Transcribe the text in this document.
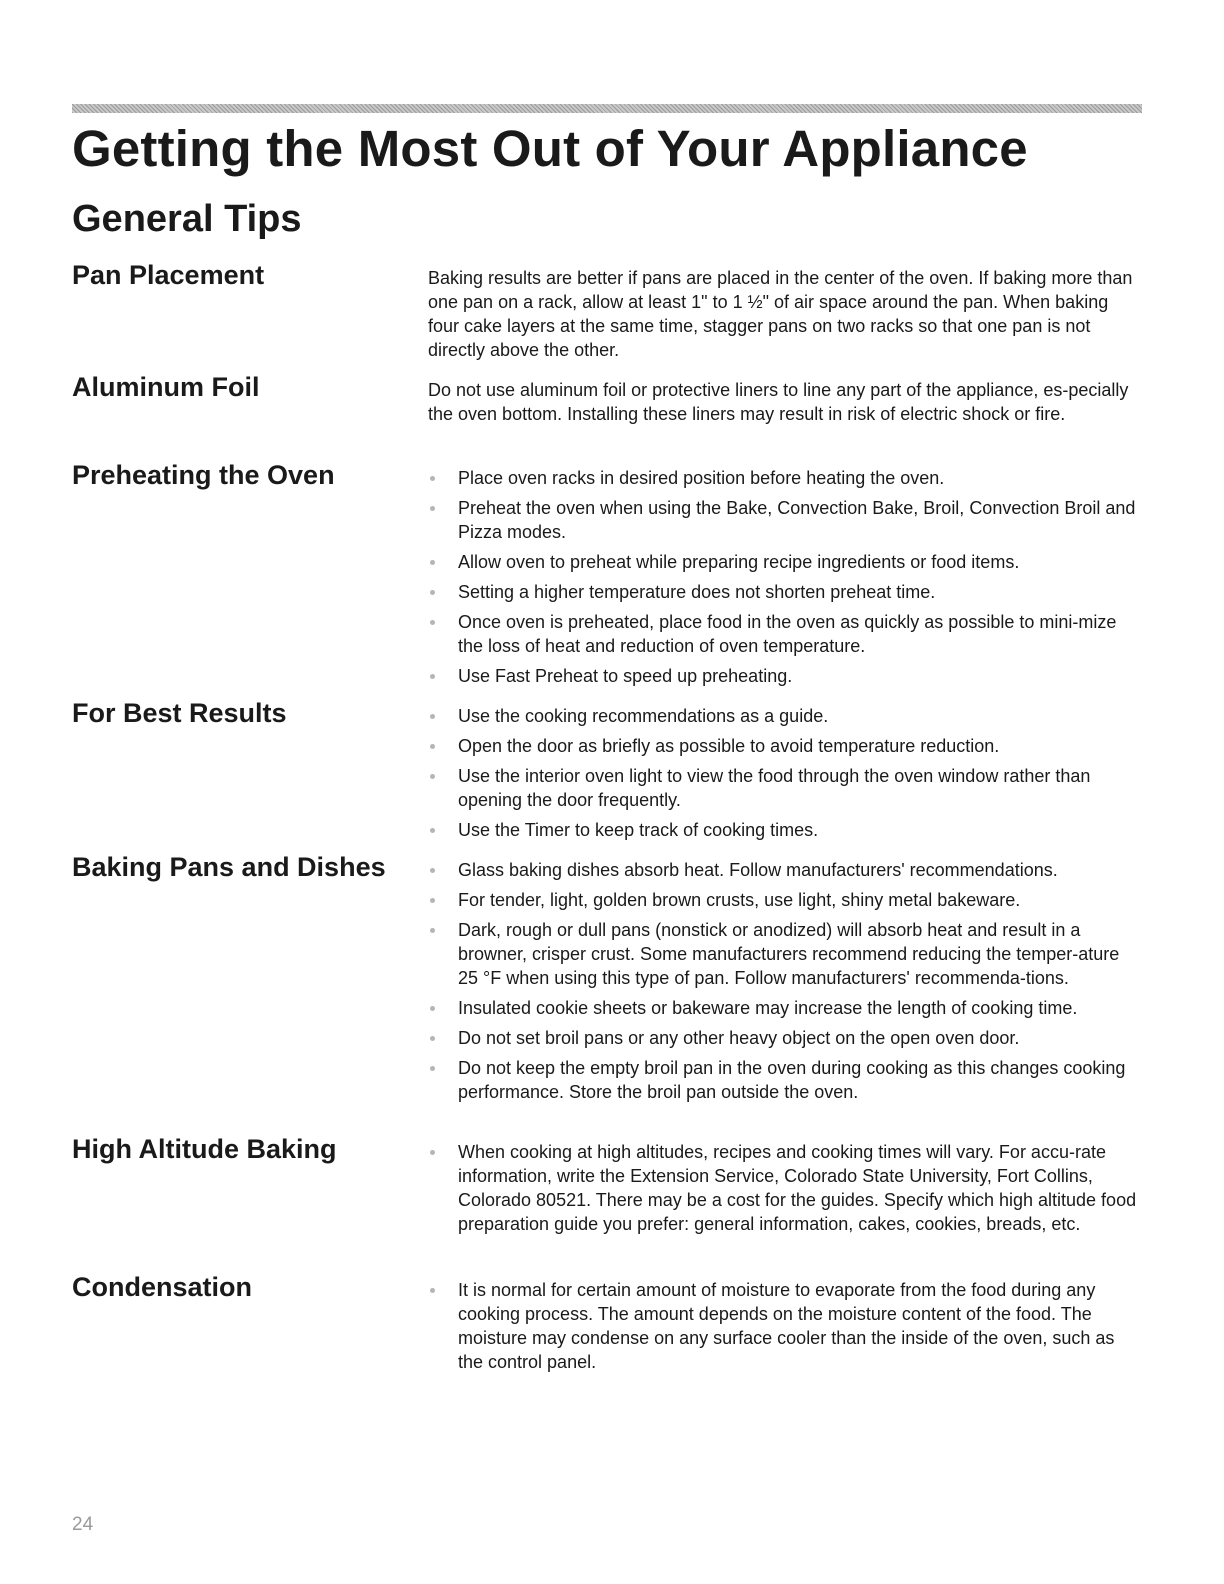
Getting the Most Out of Your Appliance
General Tips
Pan Placement	Baking results are better if pans are placed in the center of the oven. If baking more than one pan on a rack, allow at least 1" to 1 ½" of air space around the pan. When baking four cake layers at the same time, stagger pans on two racks so that one pan is not directly above the other.

Aluminum Foil	Do not use aluminum foil or protective liners to line any part of the appliance, es-pecially the oven bottom. Installing these liners may result in risk of electric shock or fire.

Preheating the Oven	Place oven racks in desired position before heating the oven.
Preheat the oven when using the Bake, Convection Bake, Broil, Convection Broil and Pizza modes.
Allow oven to preheat while preparing recipe ingredients or food items.
Setting a higher temperature does not shorten preheat time.
Once oven is preheated, place food in the oven as quickly as possible to mini-mize the loss of heat and reduction of oven temperature.
Use Fast Preheat to speed up preheating.
For Best Results	Use the cooking recommendations as a guide.
Open the door as briefly as possible to avoid temperature reduction.
Use the interior oven light to view the food through the oven window rather than opening the door frequently.
Use the Timer to keep track of cooking times.
Baking Pans and Dishes	Glass baking dishes absorb heat. Follow manufacturers' recommendations.
For tender, light, golden brown crusts, use light, shiny metal bakeware.
Dark, rough or dull pans (nonstick or anodized) will absorb heat and result in a browner, crisper crust. Some manufacturers recommend reducing the temper-ature 25 °F when using this type of pan. Follow manufacturers' recommenda-tions.
Insulated cookie sheets or bakeware may increase the length of cooking time.
Do not set broil pans or any other heavy object on the open oven door.
Do not keep the empty broil pan in the oven during cooking as this changes cooking performance. Store the broil pan outside the oven.
High Altitude Baking	When cooking at high altitudes, recipes and cooking times will vary. For accu-rate information, write the Extension Service, Colorado State University, Fort Collins, Colorado 80521. There may be a cost for the guides. Specify which high altitude food preparation guide you prefer: general information, cakes, cookies, breads, etc.
Condensation	It is normal for certain amount of moisture to evaporate from the food during any cooking process. The amount depends on the moisture content of the food. The moisture may condense on any surface cooler than the inside of the oven, such as the control panel.
24
